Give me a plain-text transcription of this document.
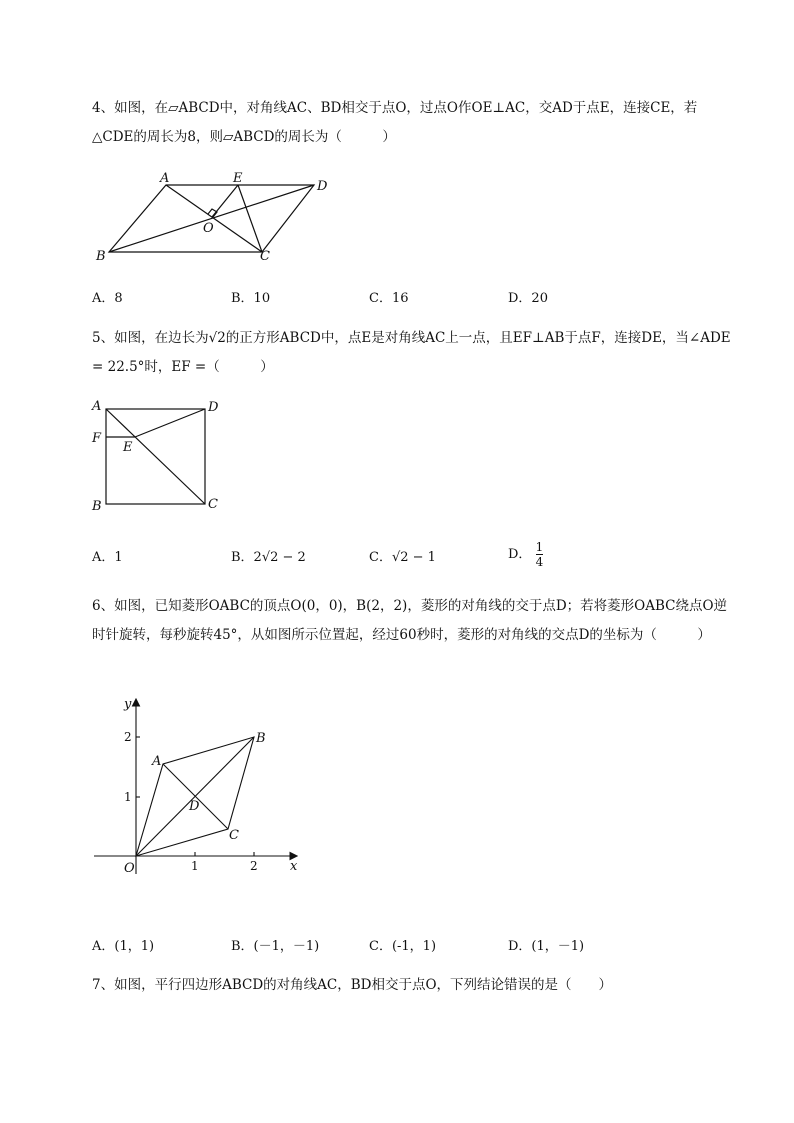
4、如图，在▱ABCD中，对角线AC、BD相交于点O，过点O作OE⊥AC，交AD于点E，连接CE，若△CDE的周长为8，则▱ABCD的周长为（　　　）
A	E
D
O
B	C
A．8	B．10	C．16	D．20
5、如图，在边长为√2的正方形ABCD中，点E是对角线AC上一点，且EF⊥AB于点F，连接DE，当∠ADE = 22.5°时，EF =（　　　）
A	D
F
E
B	C
A．1	B．2√2 − 2	C．√2 − 1	D． $\frac{1}{4}$
6、如图，已知菱形OABC的顶点O(0，0)，B(2，2)，菱形的对角线的交于点D；若将菱形OABC绕点O逆时针旋转，每秒旋转45°，从如图所示位置起，经过60秒时，菱形的对角线的交点D的坐标为（　　　）
y
x
O
A
B
C
D
1	2
1
2
A．(1，1)	B．(－1，－1)	C．(-1，1)	D．(1，－1)
7、如图，平行四边形ABCD的对角线AC，BD相交于点O，下列结论错误的是（　　）
